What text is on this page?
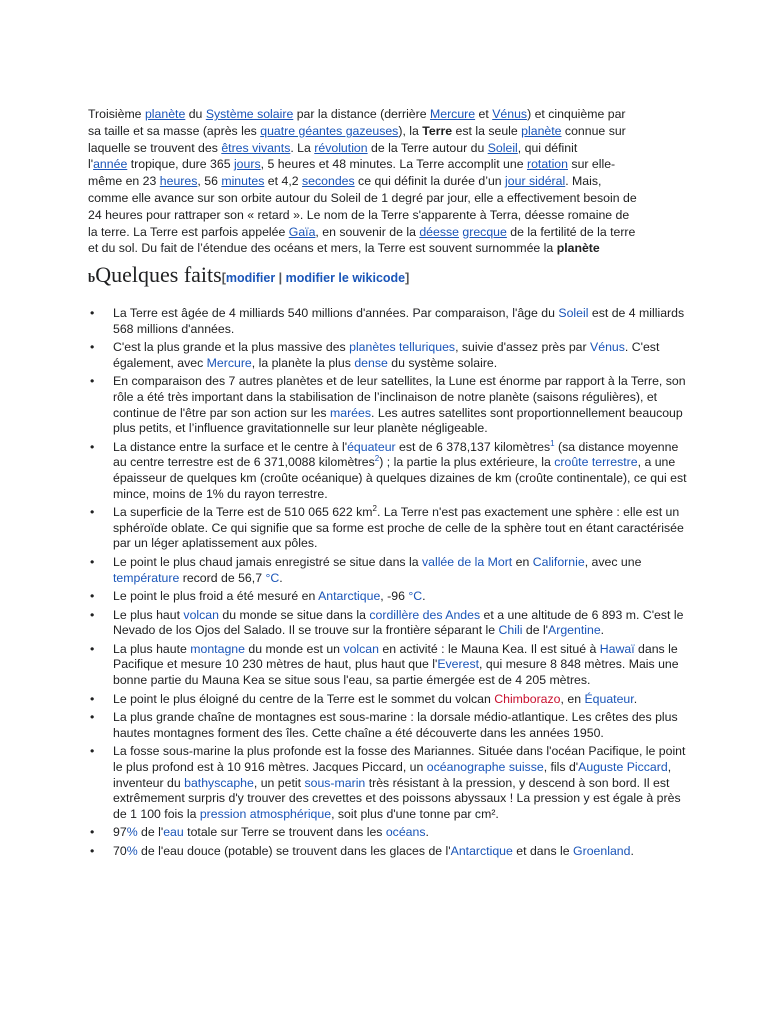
Troisième planète du Système solaire par la distance (derrière Mercure et Vénus) et cinquième par
sa taille et sa masse (après les quatre géantes gazeuses), la Terre est la seule planète connue sur
laquelle se trouvent des êtres vivants. La révolution de la Terre autour du Soleil, qui définit
l'année tropique, dure 365 jours, 5 heures et 48 minutes. La Terre accomplit une rotation sur elle-
même en 23 heures, 56 minutes et 4,2 secondes ce qui définit la durée d’un jour sidéral. Mais,
comme elle avance sur son orbite autour du Soleil de 1 degré par jour, elle a effectivement besoin de
24 heures pour rattraper son « retard ». Le nom de la Terre s'apparente à Terra, déesse romaine de
la terre. La Terre est parfois appelée Gaïa, en souvenir de la déesse grecque de la fertilité de la terre
et du sol. Du fait de l’étendue des océans et mers, la Terre est souvent surnommée la planète

bQuelques faits[modifier | modifier le wikicode]
• La Terre est âgée de 4 milliards 540 millions d'années. Par comparaison, l'âge du Soleil est de 4 milliards 568 millions d'années.
• C'est la plus grande et la plus massive des planètes telluriques, suivie d'assez près par Vénus. C'est également, avec Mercure, la planète la plus dense du système solaire.
• En comparaison des 7 autres planètes et de leur satellites, la Lune est énorme par rapport à la Terre, son rôle a été très important dans la stabilisation de l’inclinaison de notre planète (saisons régulières), et continue de l'être par son action sur les marées. Les autres satellites sont proportionnellement beaucoup plus petits, et l’influence gravitationnelle sur leur planète négligeable.
• La distance entre la surface et le centre à l'équateur est de 6 378,137 kilomètres$^1$ (sa distance moyenne au centre terrestre est de 6 371,0088 kilomètres$^2$) ; la partie la plus extérieure, la croûte terrestre, a une épaisseur de quelques km (croûte océanique) à quelques dizaines de km (croûte continentale), ce qui est mince, moins de 1% du rayon terrestre.
• La superficie de la Terre est de 510 065 622 $km^2$. La Terre n'est pas exactement une sphère : elle est un sphéroïde oblate. Ce qui signifie que sa forme est proche de celle de la sphère tout en étant caractérisée par un léger aplatissement aux pôles.
• Le point le plus chaud jamais enregistré se situe dans la vallée de la Mort en Californie, avec une température record de 56,7 °C.
• Le point le plus froid a été mesuré en Antarctique, -96 °C.
• Le plus haut volcan du monde se situe dans la cordillère des Andes et a une altitude de 6 893 m. C'est le Nevado de los Ojos del Salado. Il se trouve sur la frontière séparant le Chili de l'Argentine.
• La plus haute montagne du monde est un volcan en activité : le Mauna Kea. Il est situé à Hawaï dans le Pacifique et mesure 10 230 mètres de haut, plus haut que l'Everest, qui mesure 8 848 mètres. Mais une bonne partie du Mauna Kea se situe sous l'eau, sa partie émergée est de 4 205 mètres.
• Le point le plus éloigné du centre de la Terre est le sommet du volcan Chimborazo, en Équateur.
• La plus grande chaîne de montagnes est sous-marine : la dorsale médio-atlantique. Les crêtes des plus hautes montagnes forment des îles. Cette chaîne a été découverte dans les années 1950.
• La fosse sous-marine la plus profonde est la fosse des Mariannes. Située dans l'océan Pacifique, le point le plus profond est à 10 916 mètres. Jacques Piccard, un océanographe suisse, fils d'Auguste Piccard, inventeur du bathyscaphe, un petit sous-marin très résistant à la pression, y descend à son bord. Il est extrêmement surpris d'y trouver des crevettes et des poissons abyssaux ! La pression y est égale à près de 1 100 fois la pression atmosphérique, soit plus d'une tonne par cm².
• 97% de l'eau totale sur Terre se trouvent dans les océans.
• 70% de l'eau douce (potable) se trouvent dans les glaces de l'Antarctique et dans le Groenland.
